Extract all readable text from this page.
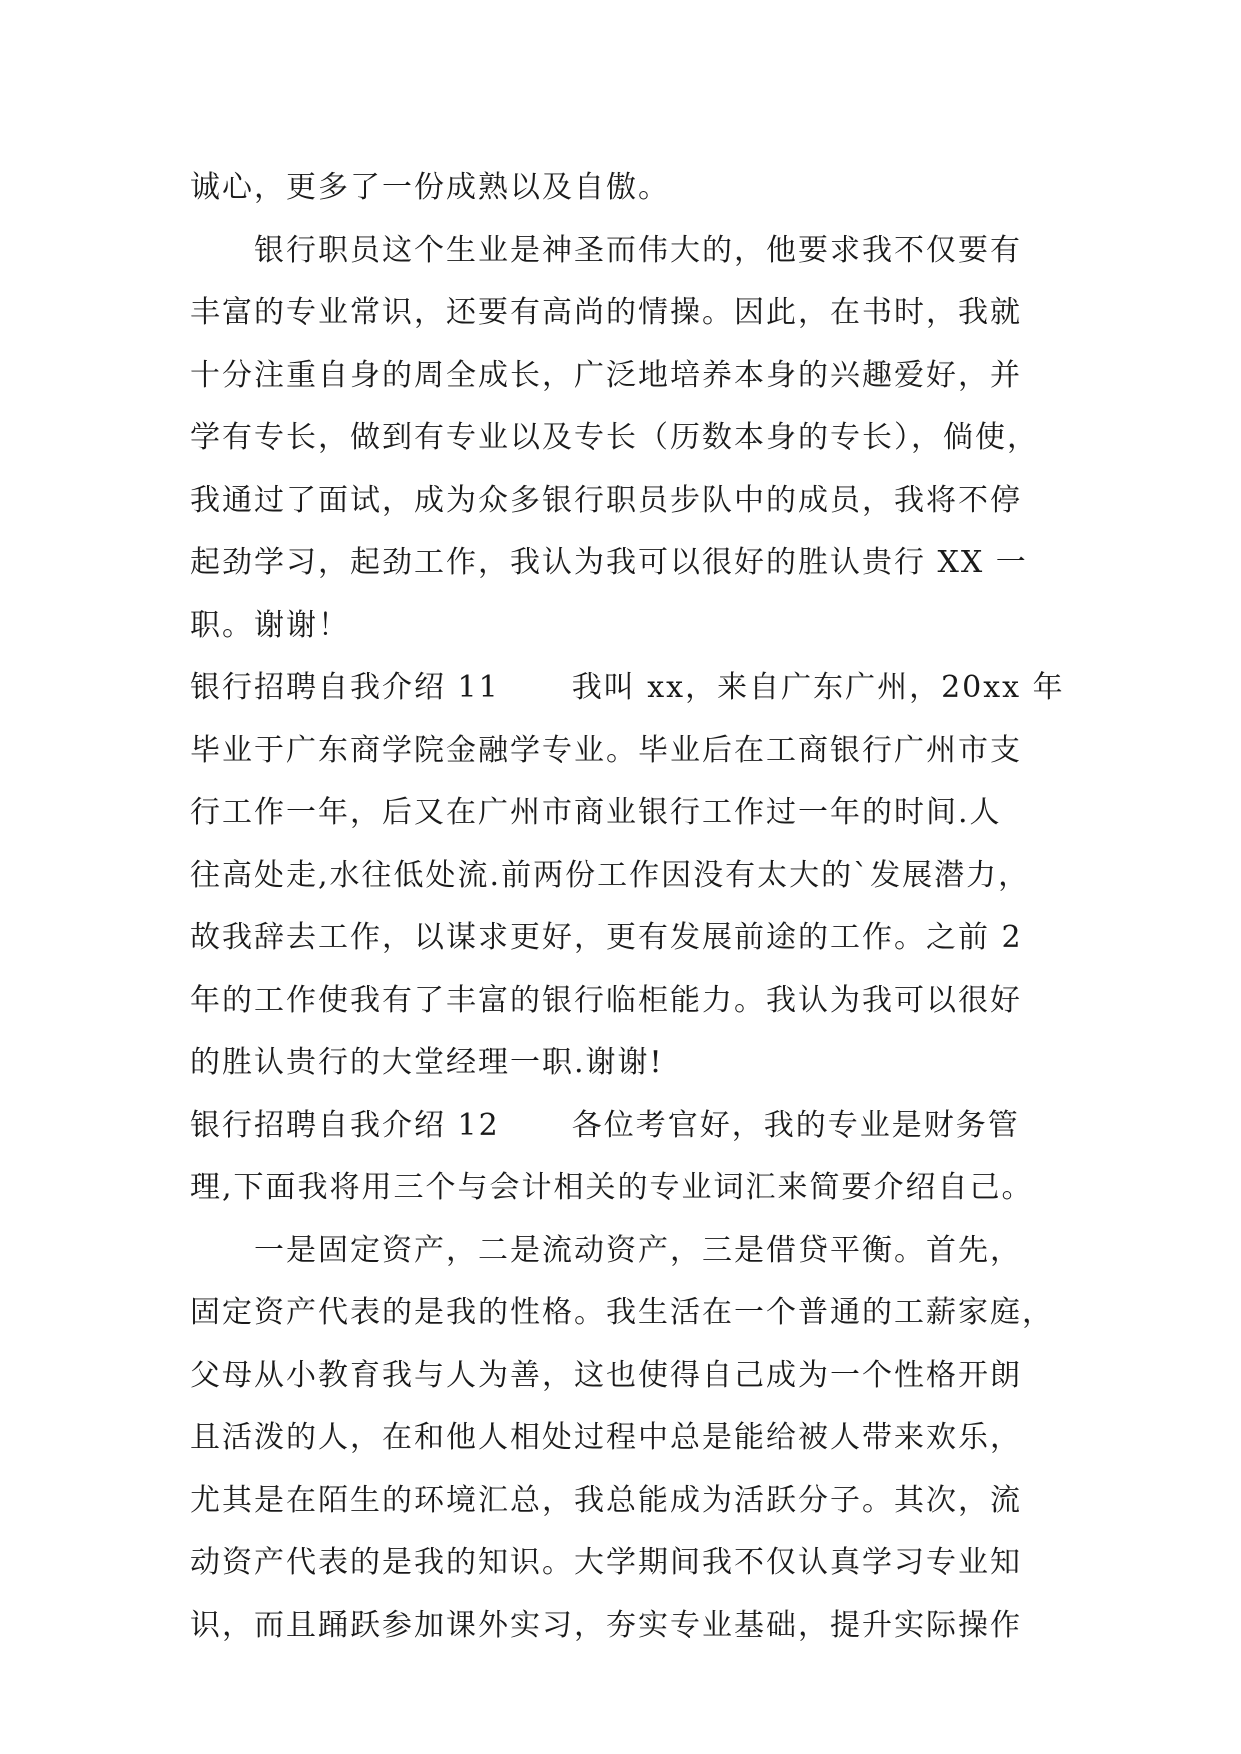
诚心，更多了一份成熟以及自傲。
银行职员这个生业是神圣而伟大的，他要求我不仅要有
丰富的专业常识，还要有高尚的情操。因此，在书时，我就
十分注重自身的周全成长，广泛地培养本身的兴趣爱好，并
学有专长，做到有专业以及专长（历数本身的专长），倘使，
我通过了面试，成为众多银行职员步队中的成员，我将不停
起劲学习，起劲工作，我认为我可以很好的胜认贵行 XX 一
职。谢谢！
银行招聘自我介绍 11 我叫 xx，来自广东广州，20xx 年
毕业于广东商学院金融学专业。毕业后在工商银行广州市支
行工作一年，后又在广州市商业银行工作过一年的时间.人
往高处走,水往低处流.前两份工作因没有太大的`发展潜力，
故我辞去工作，以谋求更好，更有发展前途的工作。之前 2
年的工作使我有了丰富的银行临柜能力。我认为我可以很好
的胜认贵行的大堂经理一职.谢谢!
银行招聘自我介绍 12 各位考官好，我的专业是财务管
理,下面我将用三个与会计相关的专业词汇来简要介绍自己。
一是固定资产，二是流动资产，三是借贷平衡。首先，
固定资产代表的是我的性格。我生活在一个普通的工薪家庭，
父母从小教育我与人为善，这也使得自己成为一个性格开朗
且活泼的人，在和他人相处过程中总是能给被人带来欢乐，
尤其是在陌生的环境汇总，我总能成为活跃分子。其次，流
动资产代表的是我的知识。大学期间我不仅认真学习专业知
识，而且踊跃参加课外实习，夯实专业基础，提升实际操作
